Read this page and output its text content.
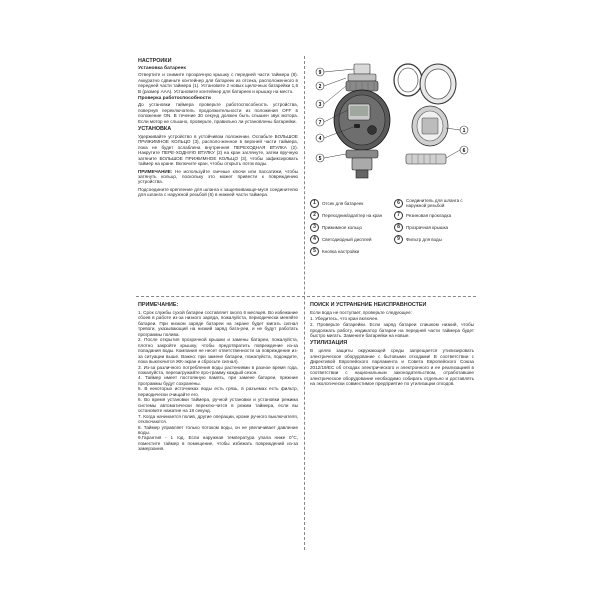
НАСТРОЙКИ
Установка батареек
Отвертите и снимите прозрачную крышку с передней части таймера (8). Аккуратно сдвиньте контейнер для батареек из отсека, расположенного в передней части таймера (1). Установите 2 новых щелочных батарейки 1,5 В (размер ААА). Установите контейнер для батареек и крышку на место.
Проверка работоспособности
До установки таймера проверьте работоспособность устройства, повернув переключатель продолжительности из положения OFF в положение ON. В течение 30 секунд должен быть слышен звук мотора. Если мотор не слышно, проверьте, правильно ли установлены батарейки.
УСТАНОВКА
Удерживайте устройство в устойчивом положении. Ослабьте БОЛЬШОЕ ПРИЖИМНОЕ КОЛЬЦО (3), располо-женное в верхней части таймера, пока не будет ослаблена внутренняя ПЕРЕХОДНАЯ ВТУЛКА (2). Накрутите ПЕРЕ-ХОДНУЮ ВТУЛКУ (2) на кран заглянуте, затем вручную затяните БОЛЬШОЕ ПРИЖИМНОЕ КОЛЬЦО (3), чтобы зафиксировать таймер на кране. Включите кран, чтобы открыть поток воды.
ПРИМЕЧАНИЕ: Не используйте гаечные ключи или пассатижи, чтобы затянуть кольцо, поскольку это может привести к повреждению устройства.
Подсоедините крепление для шланга к защелкивающе-муся соединителю для шланга с наружной резьбой (6) в нижней части таймера.
9
2
3
7
4
5
1
6
1	Отсек для батареек	6	Соединитель для шланга с наружной резьбой
2	Переходник/адаптер на кран	7	Резиновая прокладка
3	Прижимное кольцо	8	Прозрачная крышка
4	Светодиодный дисплей	9	Фильтр для воды
5	Кнопка настройки
ПРИМЕЧАНИЕ:
1. Срок службы сухой батареи составляет около 6 месяцев. Во избежание сбоев в работе из-за низкого заряда, пожалуйста, периодически меняйте батареи. При низком заряде батареи на экране будет мигать сигнал тревоги, указывающий на низкий заряд бата-реи, и не будут работать программы полива.
2. После открытия прозрачной крышки и замены батареи, пожалуйста, плотно закройте крышку, чтобы предотвратить повреждение из-за попадания воды. Компания не несет ответственности за повреждение из-за ситуации выше. Важно: при замене батареи, пожалуйста, подождите, пока выключится ЖК-экран и сбросьте сигнал).
3. Из-за различного потребления воды растениями в разное время года, пожалуйста, перезагружайте про-грамму каждый сезон.
4. Таймер имеет постоянную память, при замене батареи, прежние программы будут сохранены.
5. В некоторых источниках воды есть грязь, в разъемах есть фильтр, периодически очищайте его.
6. Во время установки таймера, ручной установки и установки режима системы автоматически переклю-чится в режим таймера, если вы остановите нажатие на 18 секунд.
7. Когда начинается полив, другие операции, кроме ручного выключателя, отключаются.
8. Таймер управляет только потоком воды, он не увеличивает давление воды.
9.Гарантия - 1 год. Если наружная температура упала ниже 0°С, поместите таймер в помещение, чтобы избежать повреждений из-за замерзания.
ПОИСК И УСТРАНЕНИЕ НЕИСПРАВНОСТЕЙ
Если вода не поступает, проверьте следующее:
1. Убедитесь, что кран включен.
2. Проверьте батарейки. Если заряд батареи слишком низкий, чтобы продолжать работу, индикатор батареи на передней части таймера будет быстро мигать. Замените батарейки на новые.
УТИЛИЗАЦИЯ
В целях защиты окружающей среды запрещается утилизировать электрическое оборудование с бытовыми отходами! В соответствии с Директивой Европейского парламента и Совета Европейского Союза 2012/19/ЕС об отходах электрического и электронного и ее реализацией в соответствии с национальным законодательством, отработавшее электрическое оборудование необходимо собирать отдельно и доставлять на экологически совместимое предприятие по утилизации отходов.
